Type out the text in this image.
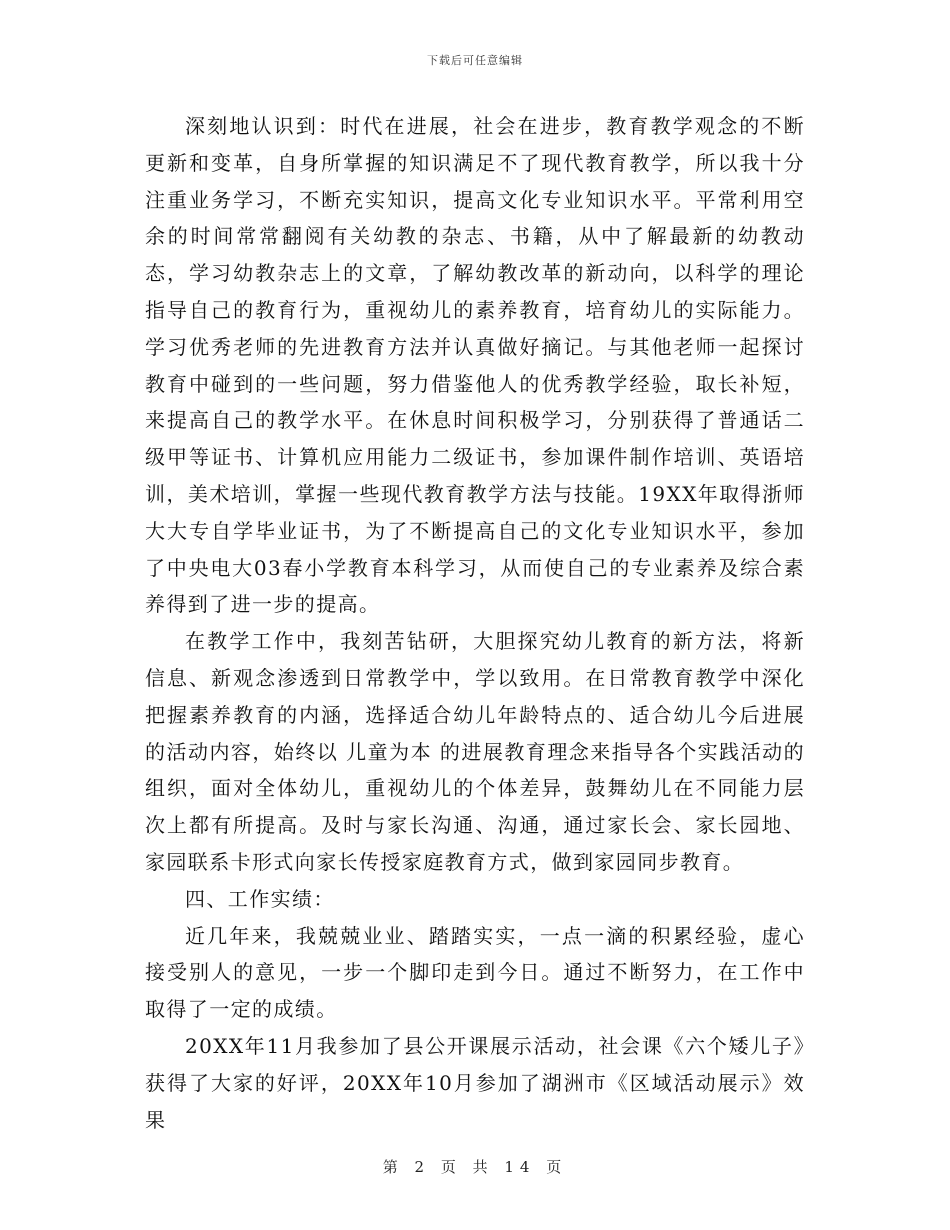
下载后可任意编辑

深刻地认识到：时代在进展，社会在进步，教育教学观念的不断更新和变革，自身所掌握的知识满足不了现代教育教学，所以我十分注重业务学习，不断充实知识，提高文化专业知识水平。平常利用空余的时间常常翻阅有关幼教的杂志、书籍，从中了解最新的幼教动态，学习幼教杂志上的文章，了解幼教改革的新动向，以科学的理论指导自己的教育行为，重视幼儿的素养教育，培育幼儿的实际能力。学习优秀老师的先进教育方法并认真做好摘记。与其他老师一起探讨教育中碰到的一些问题，努力借鉴他人的优秀教学经验，取长补短，来提高自己的教学水平。在休息时间积极学习，分别获得了普通话二级甲等证书、计算机应用能力二级证书，参加课件制作培训、英语培训，美术培训，掌握一些现代教育教学方法与技能。19XX年取得浙师大大专自学毕业证书，为了不断提高自己的文化专业知识水平，参加了中央电大03春小学教育本科学习，从而使自己的专业素养及综合素养得到了进一步的提高。

在教学工作中，我刻苦钻研，大胆探究幼儿教育的新方法，将新信息、新观念渗透到日常教学中，学以致用。在日常教育教学中深化把握素养教育的内涵，选择适合幼儿年龄特点的、适合幼儿今后进展的活动内容，始终以 儿童为本 的进展教育理念来指导各个实践活动的组织，面对全体幼儿，重视幼儿的个体差异，鼓舞幼儿在不同能力层次上都有所提高。及时与家长沟通、沟通，通过家长会、家长园地、家园联系卡形式向家长传授家庭教育方式，做到家园同步教育。

四、工作实绩：

近几年来，我兢兢业业、踏踏实实，一点一滴的积累经验，虚心接受别人的意见，一步一个脚印走到今日。通过不断努力，在工作中取得了一定的成绩。

20XX年11月我参加了县公开课展示活动，社会课《六个矮儿子》获得了大家的好评，20XX年10月参加了湖洲市《区域活动展示》效果

第 2 页 共 14 页
